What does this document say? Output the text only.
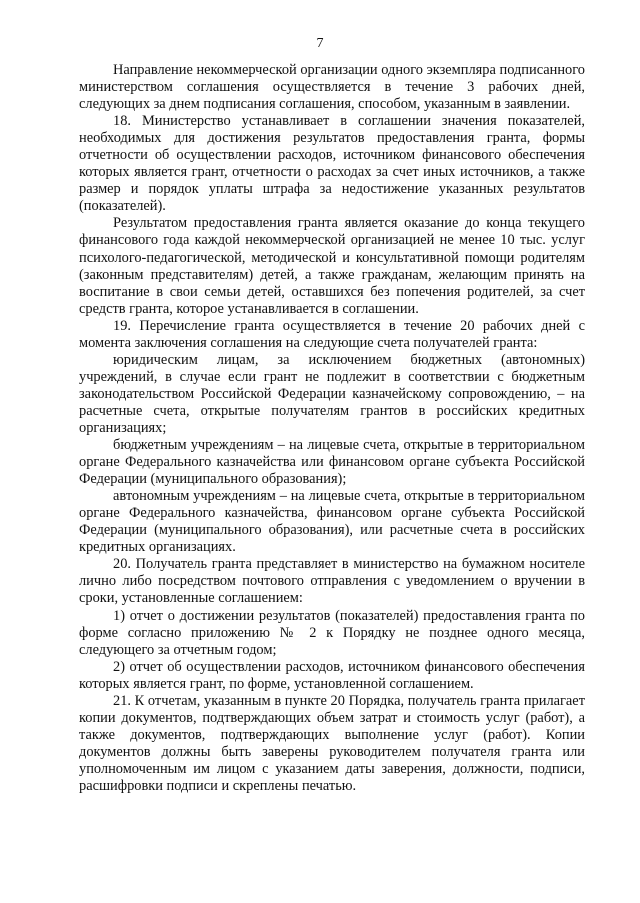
7

Направление некоммерческой организации одного экземпляра подписанного министерством соглашения осуществляется в течение 3 рабочих дней, следующих за днем подписания соглашения, способом, указанным в заявлении.

18. Министерство устанавливает в соглашении значения показателей, необходимых для достижения результатов предоставления гранта, формы отчетности об осуществлении расходов, источником финансового обеспечения которых является грант, отчетности о расходах за счет иных источников, а также размер и порядок уплаты штрафа за недостижение указанных результатов (показателей).

Результатом предоставления гранта является оказание до конца текущего финансового года каждой некоммерческой организацией не менее 10 тыс. услуг психолого-педагогической, методической и консультативной помощи родителям (законным представителям) детей, а также гражданам, желающим принять на воспитание в свои семьи детей, оставшихся без попечения родителей, за счет средств гранта, которое устанавливается в соглашении.

19. Перечисление гранта осуществляется в течение 20 рабочих дней с момента заключения соглашения на следующие счета получателей гранта:

юридическим лицам, за исключением бюджетных (автономных) учреждений, в случае если грант не подлежит в соответствии с бюджетным законодательством Российской Федерации казначейскому сопровождению, – на расчетные счета, открытые получателям грантов в российских кредитных организациях;

бюджетным учреждениям – на лицевые счета, открытые в территориальном органе Федерального казначейства или финансовом органе субъекта Российской Федерации (муниципального образования);

автономным учреждениям – на лицевые счета, открытые в территориальном органе Федерального казначейства, финансовом органе субъекта Российской Федерации (муниципального образования), или расчетные счета в российских кредитных организациях.

20. Получатель гранта представляет в министерство на бумажном носителе лично либо посредством почтового отправления с уведомлением о вручении в сроки, установленные соглашением:

1) отчет о достижении результатов (показателей) предоставления гранта по форме согласно приложению № 2 к Порядку не позднее одного месяца, следующего за отчетным годом;

2) отчет об осуществлении расходов, источником финансового обеспечения которых является грант, по форме, установленной соглашением.

21. К отчетам, указанным в пункте 20 Порядка, получатель гранта прилагает копии документов, подтверждающих объем затрат и стоимость услуг (работ), а также документов, подтверждающих выполнение услуг (работ). Копии документов должны быть заверены руководителем получателя гранта или уполномоченным им лицом с указанием даты заверения, должности, подписи, расшифровки подписи и скреплены печатью.
